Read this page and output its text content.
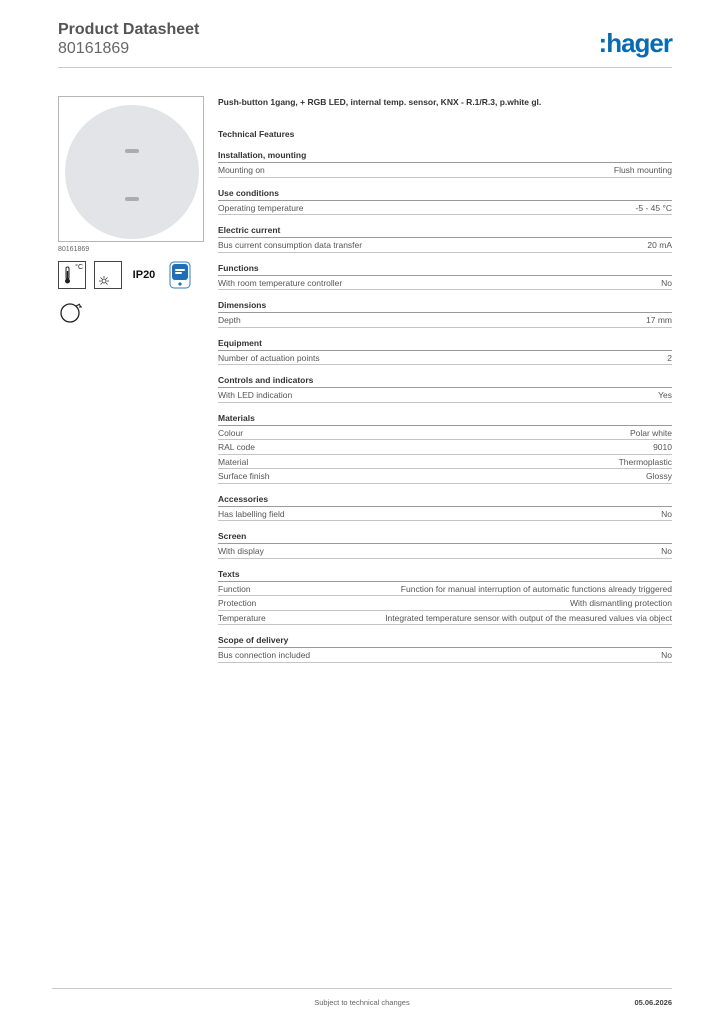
Product Datasheet
80161869	:hager
80161869
°C
IP20
Push-button 1gang, + RGB LED, internal temp. sensor, KNX - R.1/R.3, p.white gl.
Technical Features
Installation, mounting
Mounting on	Flush mounting
Use conditions
Operating temperature	-5 - 45 °C
Electric current
Bus current consumption data transfer	20 mA
Functions
With room temperature controller	No
Dimensions
Depth	17 mm
Equipment
Number of actuation points	2
Controls and indicators
With LED indication	Yes
Materials
Colour	Polar white
RAL code	9010
Material	Thermoplastic
Surface finish	Glossy
Accessories
Has labelling field	No
Screen
With display	No
Texts
Function	Function for manual interruption of automatic functions already triggered
Protection	With dismantling protection
Temperature	Integrated temperature sensor with output of the measured values via object
Scope of delivery
Bus connection included	No
Subject to technical changes	05.06.2026
